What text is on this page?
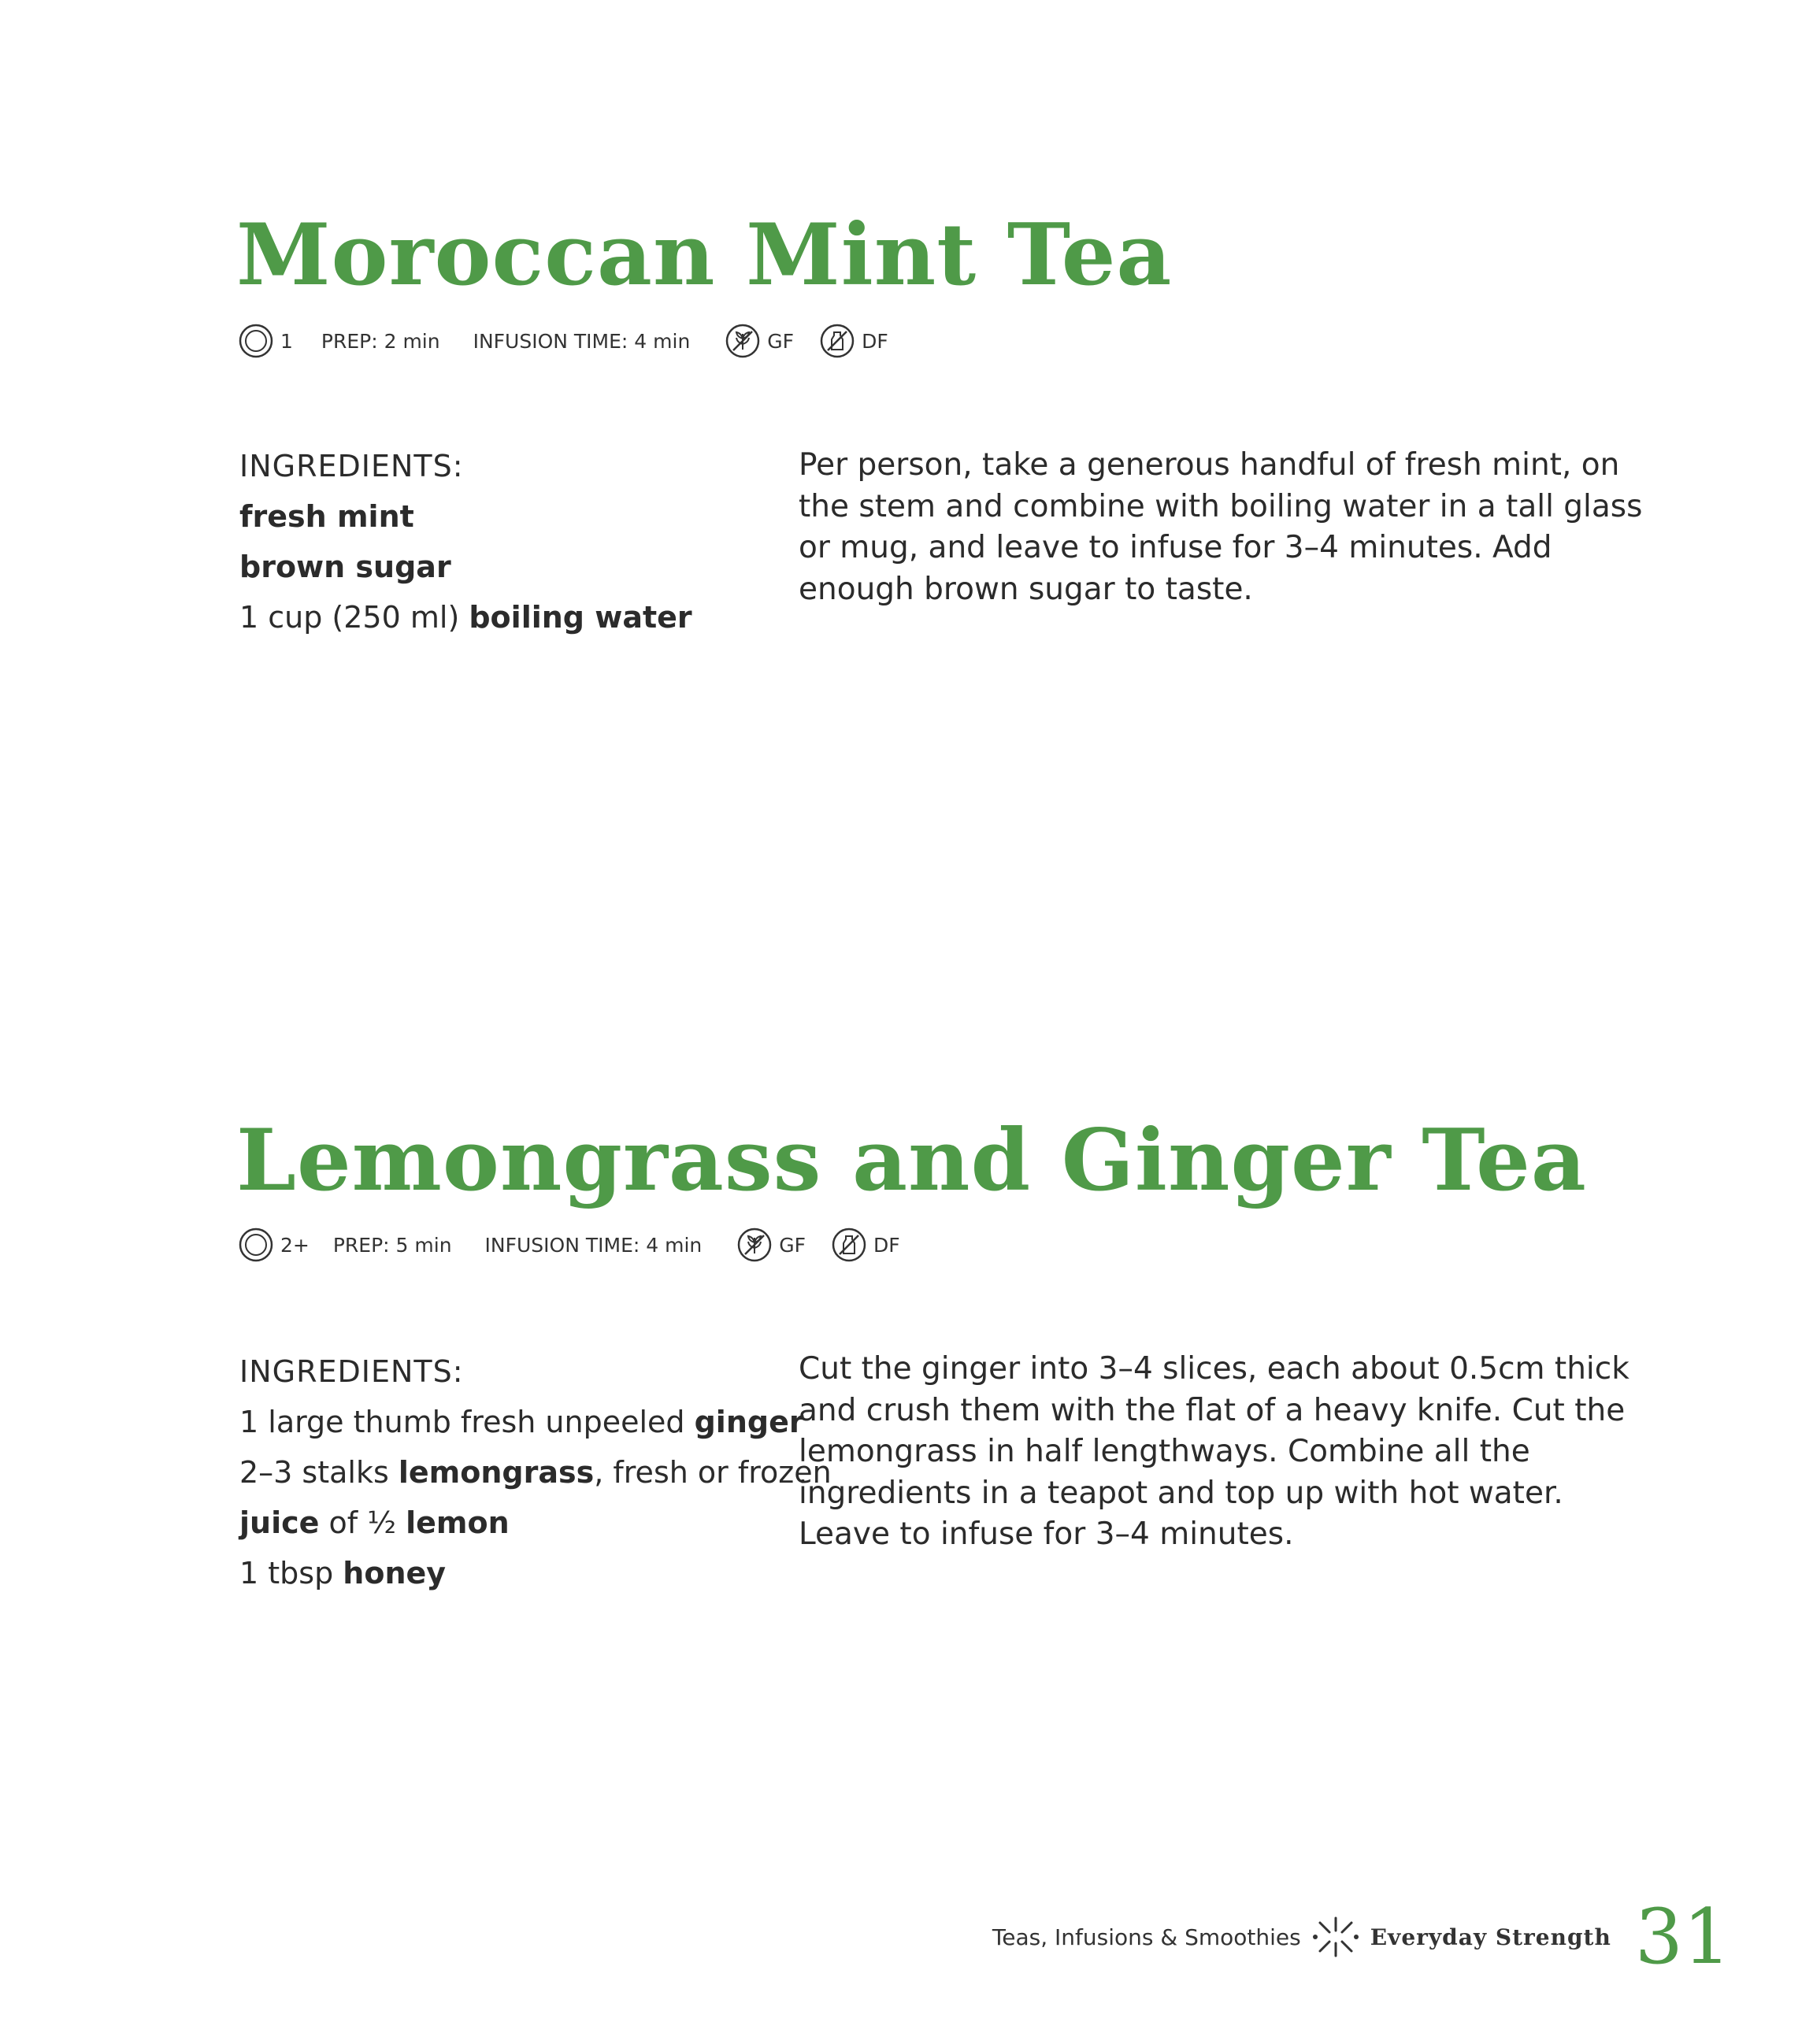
Moroccan Mint Tea
1 PREP: 2 min INFUSION TIME: 4 min	GF	DF
INGREDIENTS:
fresh mint
brown sugar
1 cup (250 ml) boiling water

Per person, take a generous handful of fresh mint, on the stem and combine with boiling water in a tall glass or mug, and leave to infuse for 3–4 minutes. Add enough brown sugar to taste.

Lemongrass and Ginger Tea
2+ PREP: 5 min INFUSION TIME: 4 min	GF	DF
INGREDIENTS:
1 large thumb fresh unpeeled ginger
2–3 stalks lemongrass, fresh or frozen
juice of ½ lemon
1 tbsp honey

Cut the ginger into 3–4 slices, each about 0.5cm thick and crush them with the flat of a heavy knife. Cut the lemongrass in half lengthways. Combine all the ingredients in a teapot and top up with hot water. Leave to infuse for 3–4 minutes.

Teas, Infusions & Smoothies	Everyday Strength 31
